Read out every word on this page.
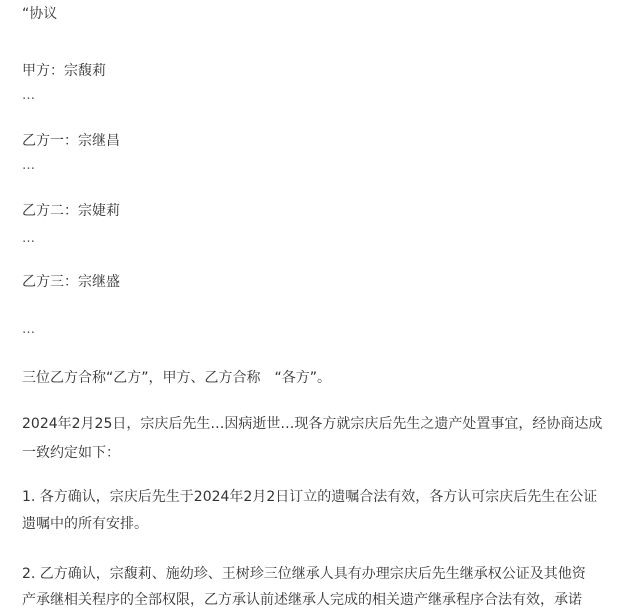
“协议

甲方：宗馥莉

…

乙方一：宗继昌

…

乙方二：宗婕莉

…

乙方三：宗继盛

…

三位乙方合称“乙方”，甲方、乙方合称　“各方”。

2024年2月25日，宗庆后先生…因病逝世…现各方就宗庆后先生之遗产处置事宜，经协商达成

一致约定如下：

1. 各方确认，宗庆后先生于2024年2月2日订立的遗嘱合法有效，各方认可宗庆后先生在公证

遗嘱中的所有安排。

2. 乙方确认，宗馥莉、施幼珍、王树珍三位继承人具有办理宗庆后先生继承权公证及其他资

产承继相关程序的全部权限，乙方承认前述继承人完成的相关遗产继承程序合法有效，承诺
